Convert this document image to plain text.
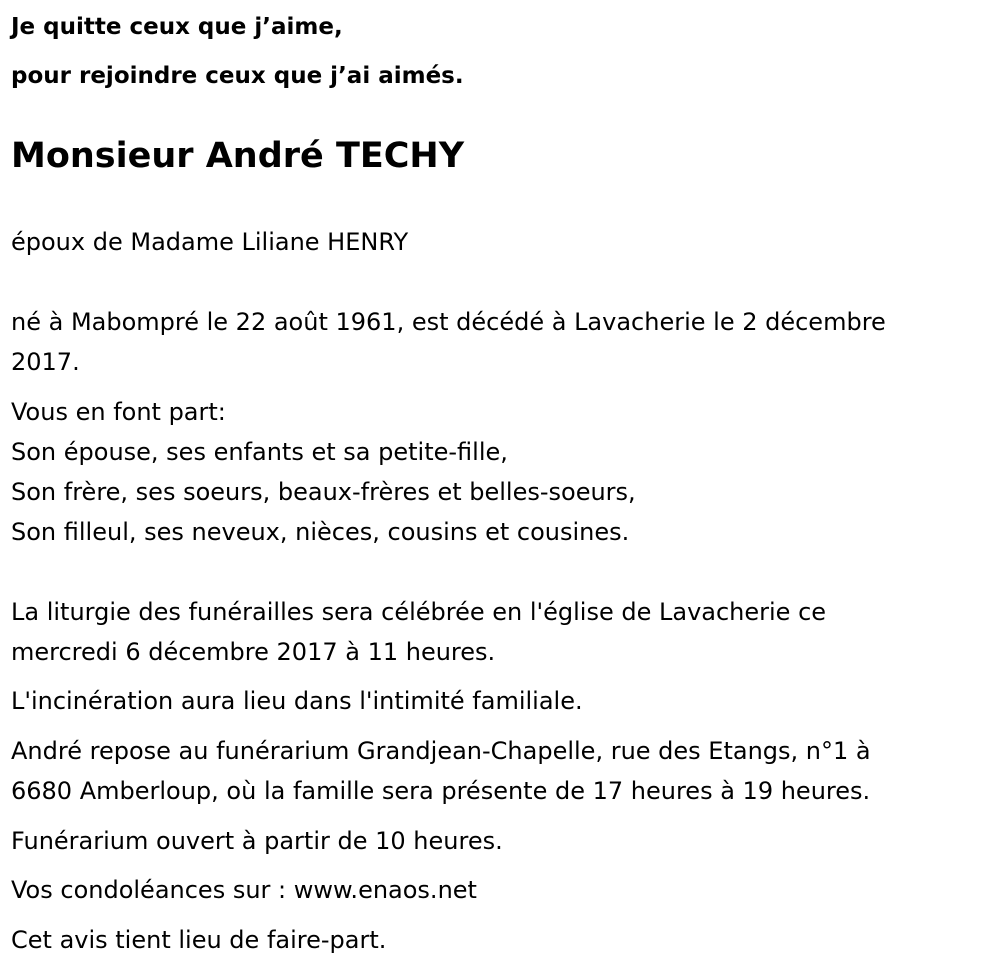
Je quitte ceux que j’aime,

pour rejoindre ceux que j’ai aimés.

Monsieur André TECHY

époux de Madame Liliane HENRY

né à Mabompré le 22 août 1961, est décédé à Lavacherie le 2 décembre

2017.

Vous en font part:

Son épouse, ses enfants et sa petite-fille,

Son frère, ses soeurs, beaux-frères et belles-soeurs,

Son filleul, ses neveux, nièces, cousins et cousines.

La liturgie des funérailles sera célébrée en l'église de Lavacherie ce

mercredi 6 décembre 2017 à 11 heures.

L'incinération aura lieu dans l'intimité familiale.

André repose au funérarium Grandjean-Chapelle, rue des Etangs, n°1 à

6680 Amberloup, où la famille sera présente de 17 heures à 19 heures.

Funérarium ouvert à partir de 10 heures.

Vos condoléances sur : www.enaos.net

Cet avis tient lieu de faire-part.
